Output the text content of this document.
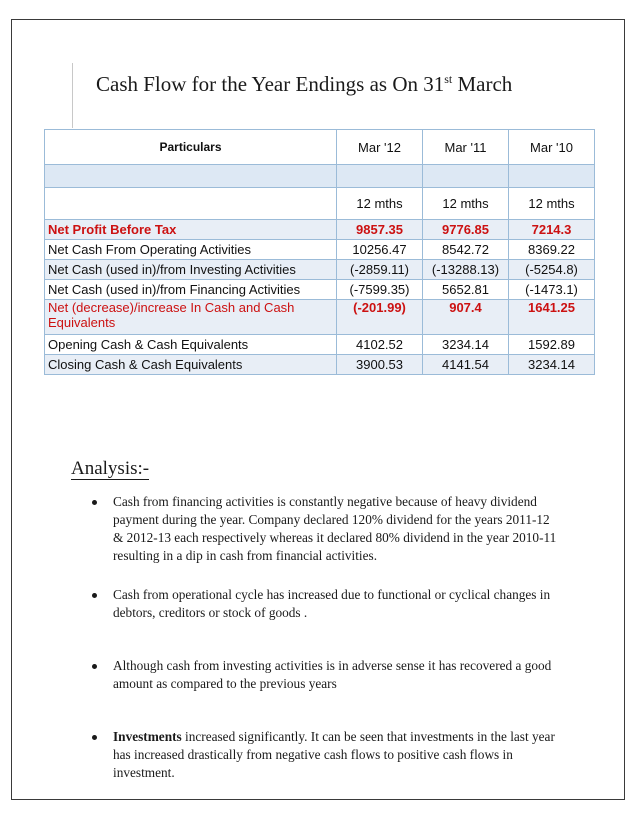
Cash Flow for the Year Endings as On 31st March
Particulars	Mar '12	Mar '11	Mar '10

	12 mths	12 mths	12 mths
Net Profit Before Tax	9857.35	9776.85	7214.3
Net Cash From Operating Activities	10256.47	8542.72	8369.22
Net Cash (used in)/from Investing Activities	(-2859.11)	(-13288.13)	(-5254.8)
Net Cash (used in)/from Financing Activities	(-7599.35)	5652.81	(-1473.1)
Net (decrease)/increase In Cash and Cash Equivalents	(-201.99)	907.4	1641.25
Opening Cash & Cash Equivalents	4102.52	3234.14	1592.89
Closing Cash & Cash Equivalents	3900.53	4141.54	3234.14
Analysis:-
Cash from financing activities is constantly negative because of heavy dividend payment during the year. Company declared 120% dividend for the years 2011-12 & 2012-13 each respectively whereas it declared 80% dividend in the year 2010-11 resulting in a dip in cash from financial activities.
Cash from operational cycle has increased due to functional or cyclical changes in debtors, creditors or stock of goods .
Although cash from investing activities is in adverse sense it has recovered a good amount as compared to the previous years
Investments increased significantly. It can be seen that investments in the last year has increased drastically from negative cash flows to positive cash flows in investment.
